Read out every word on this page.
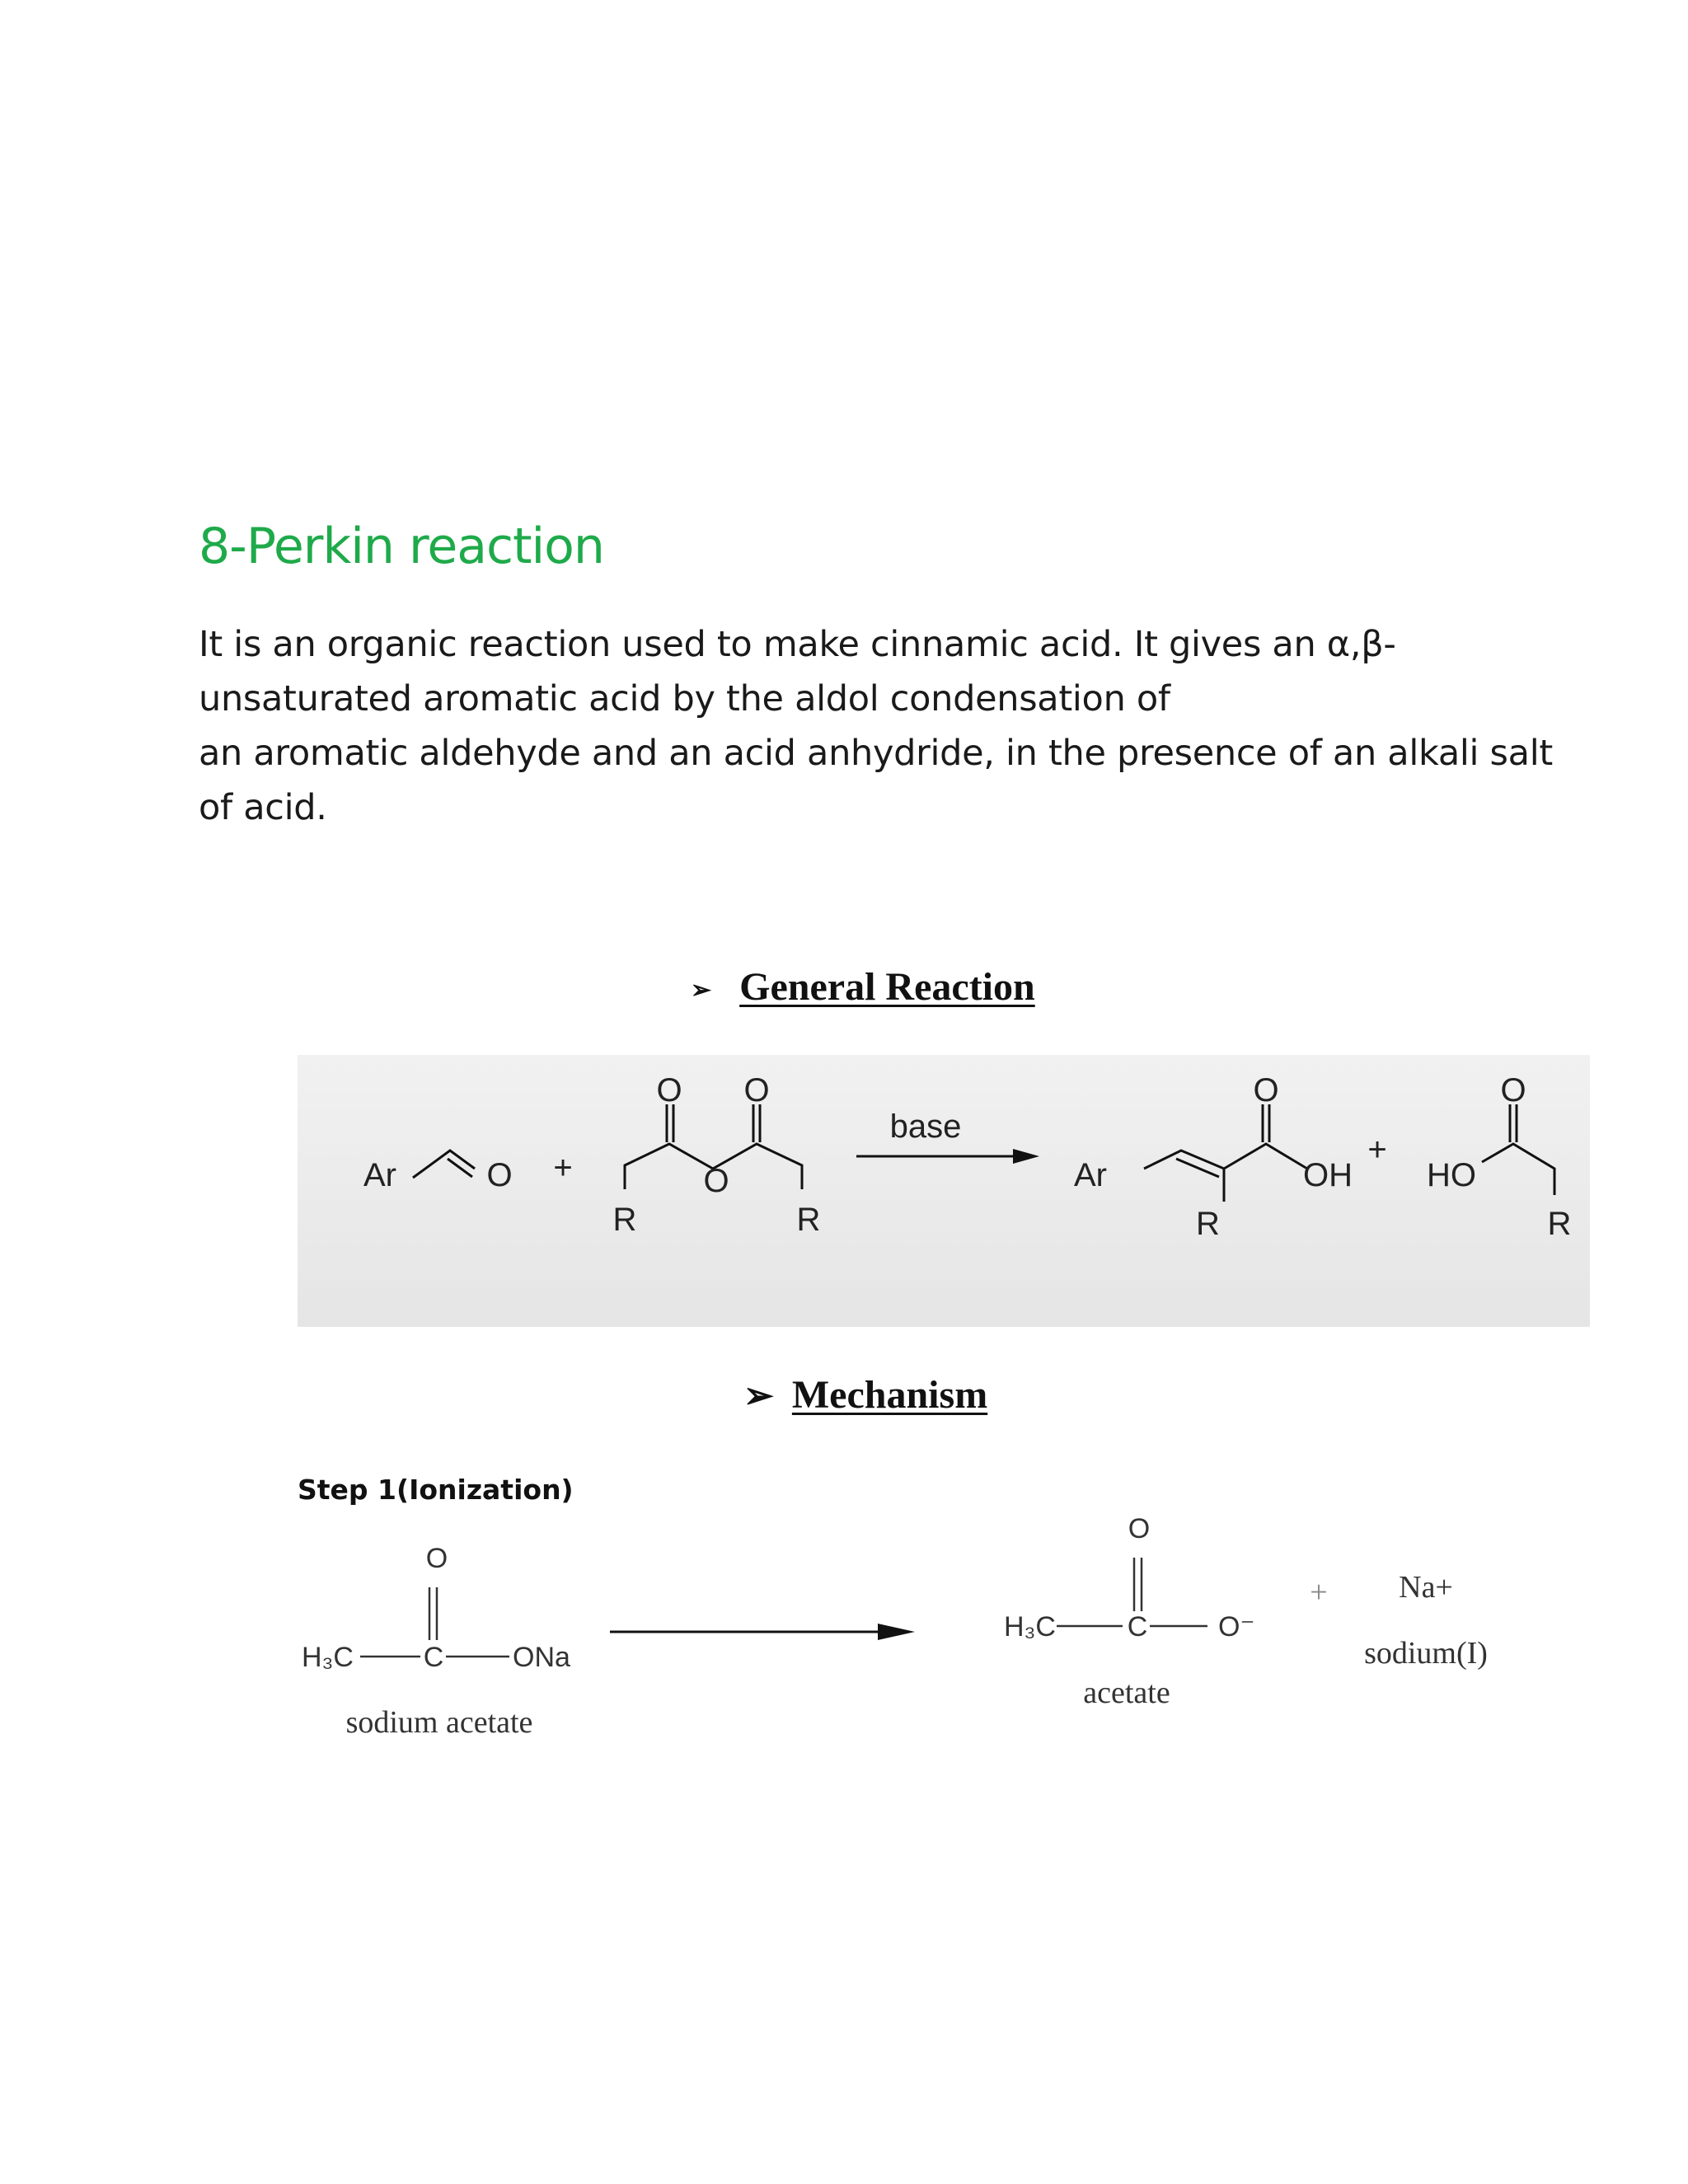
8-Perkin reaction
It is an organic reaction used to make cinnamic acid. It gives an α,β-
unsaturated aromatic acid by the aldol condensation of
an aromatic aldehyde and an acid anhydride, in the presence of an alkali salt
of acid.
➢ General Reaction
Ar	O +
O O
O
R	R
base
Ar
O
OH
R
+
HO
O
R
➢ Mechanism
Step 1(Ionization)
O
H₃C C ONa
O
H₃C	C	O⁻
sodium acetate
acetate
+ Na+
sodium(I)
